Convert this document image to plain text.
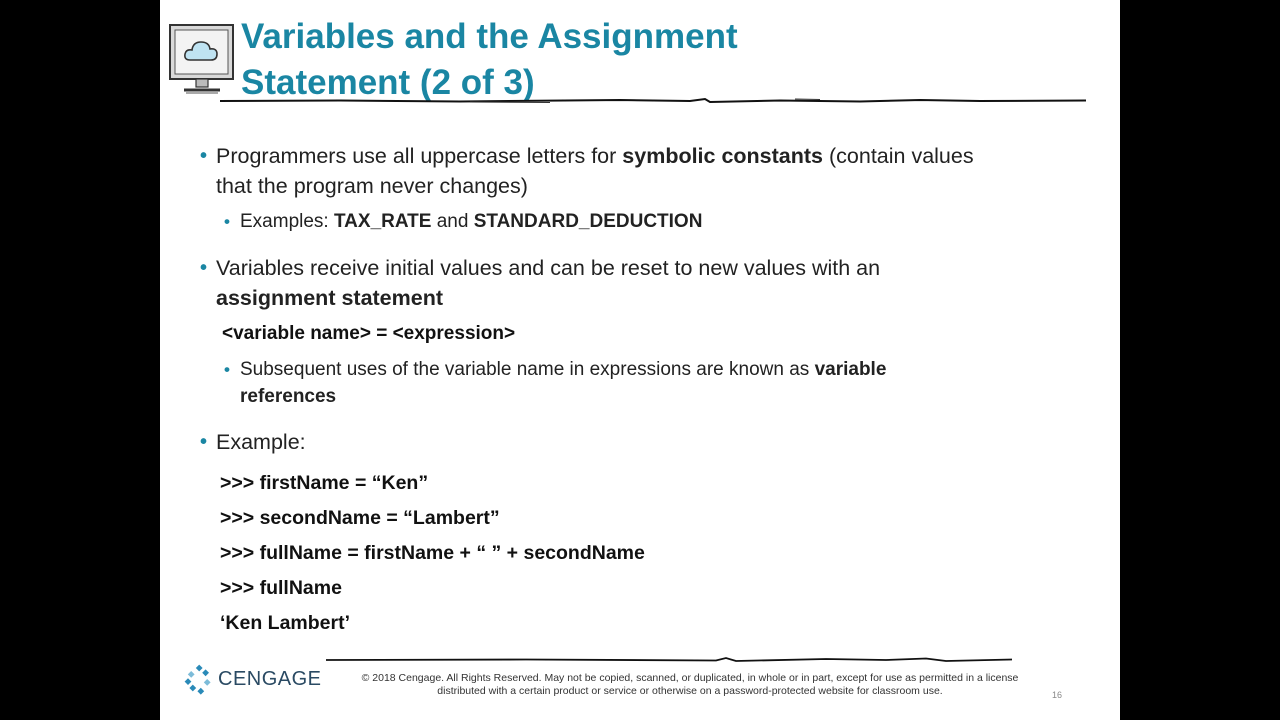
Variables and the Assignment
Statement (2 of 3)
• Programmers use all uppercase letters for symbolic constants (contain values
that the program never changes)
• Examples: TAX_RATE and STANDARD_DEDUCTION
• Variables receive initial values and can be reset to new values with an
assignment statement
<variable name> = <expression>
• Subsequent uses of the variable name in expressions are known as variable
references
• Example:
>>> firstName = “Ken”
>>> secondName = “Lambert”
>>> fullName = firstName + “ ” + secondName
>>> fullName
‘Ken Lambert’
CENGAGE	© 2018 Cengage. All Rights Reserved. May not be copied, scanned, or duplicated, in whole or in part, except for use as permitted in a license
distributed with a certain product or service or otherwise on a password-protected website for classroom use.	16
